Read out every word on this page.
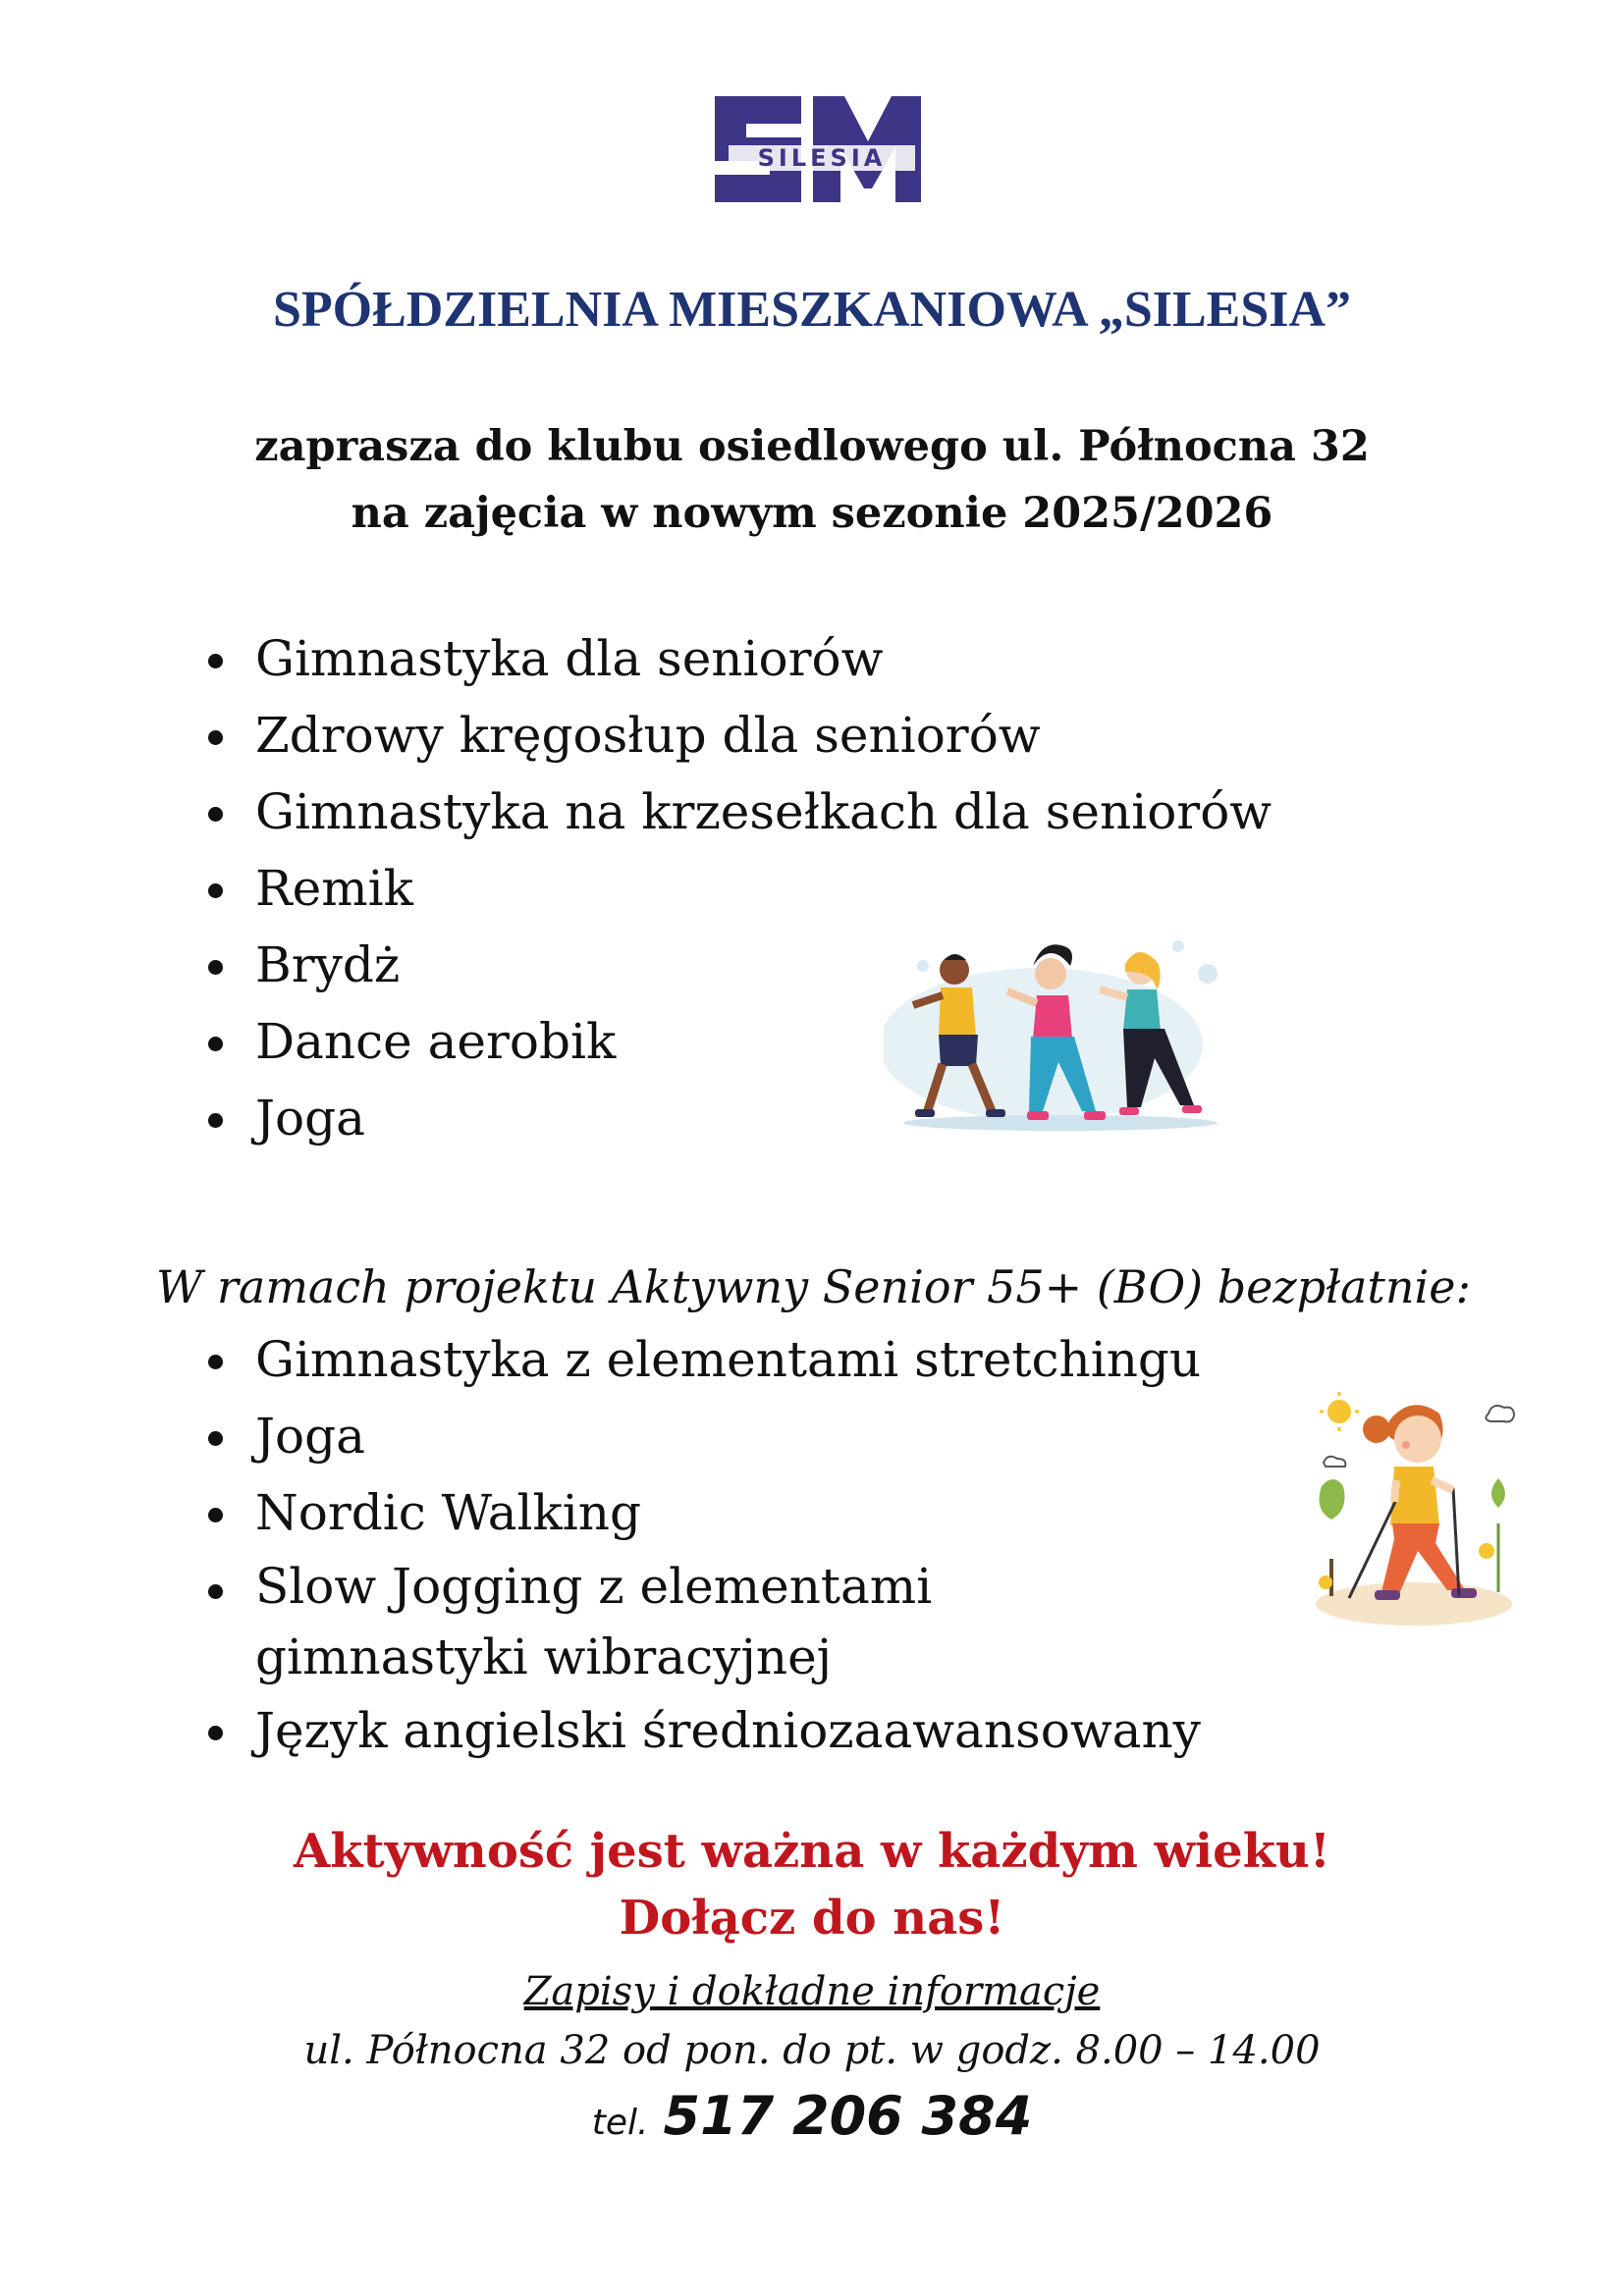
SILESIA
SPÓŁDZIELNIA MIESZKANIOWA „SILESIA”
zaprasza do klubu osiedlowego ul. Północna 32
na zajęcia w nowym sezonie 2025/2026
Gimnastyka dla seniorów
Zdrowy kręgosłup dla seniorów
Gimnastyka na krzesełkach dla seniorów
Remik
Brydż
Dance aerobik
Joga
W ramach projektu Aktywny Senior 55+ (BO) bezpłatnie:
Gimnastyka z elementami stretchingu
Joga
Nordic Walking
Slow Jogging z elementami gimnastyki wibracyjnej
Język angielski średniozaawansowany
Aktywność jest ważna w każdym wieku!
Dołącz do nas!
Zapisy i dokładne informacje
ul. Północna 32 od pon. do pt. w godz. 8.00 – 14.00
tel. 517 206 384
